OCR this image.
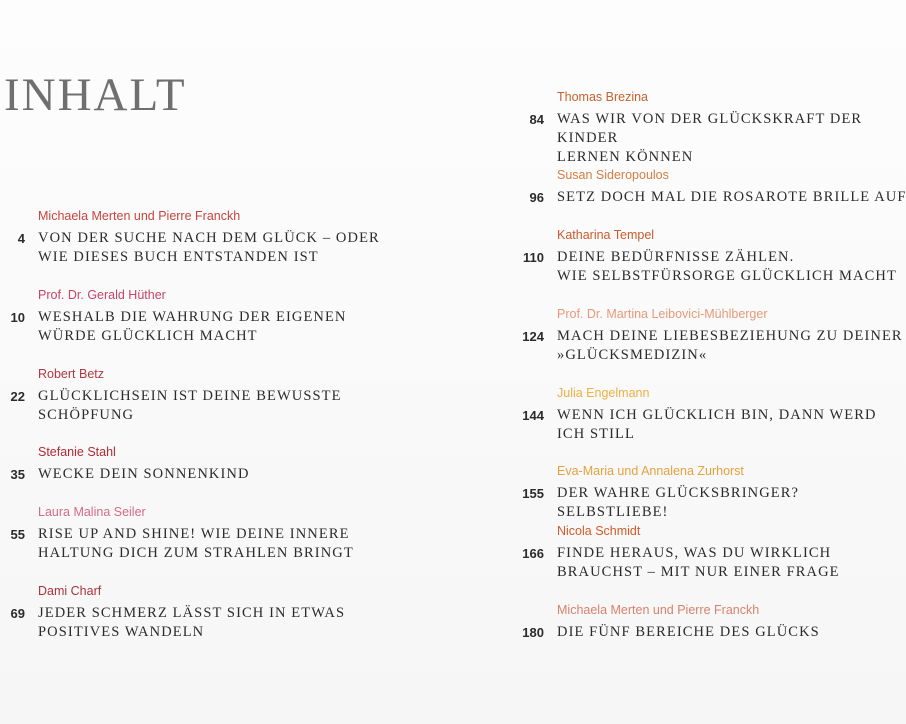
INHALT
Michaela Merten und Pierre Franckh
4 VON DER SUCHE NACH DEM GLÜCK – ODER
WIE DIESES BUCH ENTSTANDEN IST
Prof. Dr. Gerald Hüther
10 WESHALB DIE WAHRUNG DER EIGENEN
WÜRDE GLÜCKLICH MACHT
Robert Betz
22 GLÜCKLICHSEIN IST DEINE BEWUSSTE
SCHÖPFUNG
Stefanie Stahl
35 WECKE DEIN SONNENKIND
Laura Malina Seiler
55 RISE UP AND SHINE! WIE DEINE INNERE
HALTUNG DICH ZUM STRAHLEN BRINGT
Dami Charf
69 JEDER SCHMERZ LÄSST SICH IN ETWAS
POSITIVES WANDELN
Thomas Brezina
84 WAS WIR VON DER GLÜCKSKRAFT DER KINDER
LERNEN KÖNNEN
Susan Sideropoulos
96 SETZ DOCH MAL DIE ROSAROTE BRILLE AUF
Katharina Tempel
110 DEINE BEDÜRFNISSE ZÄHLEN.
WIE SELBSTFÜRSORGE GLÜCKLICH MACHT
Prof. Dr. Martina Leibovici-Mühlberger
124 MACH DEINE LIEBESBEZIEHUNG ZU DEINER
»GLÜCKSMEDIZIN«
Julia Engelmann
144 WENN ICH GLÜCKLICH BIN, DANN WERD
ICH STILL
Eva-Maria und Annalena Zurhorst
155 DER WAHRE GLÜCKSBRINGER? SELBSTLIEBE!
Nicola Schmidt
166 FINDE HERAUS, WAS DU WIRKLICH
BRAUCHST – MIT NUR EINER FRAGE
Michaela Merten und Pierre Franckh
180 DIE FÜNF BEREICHE DES GLÜCKS
